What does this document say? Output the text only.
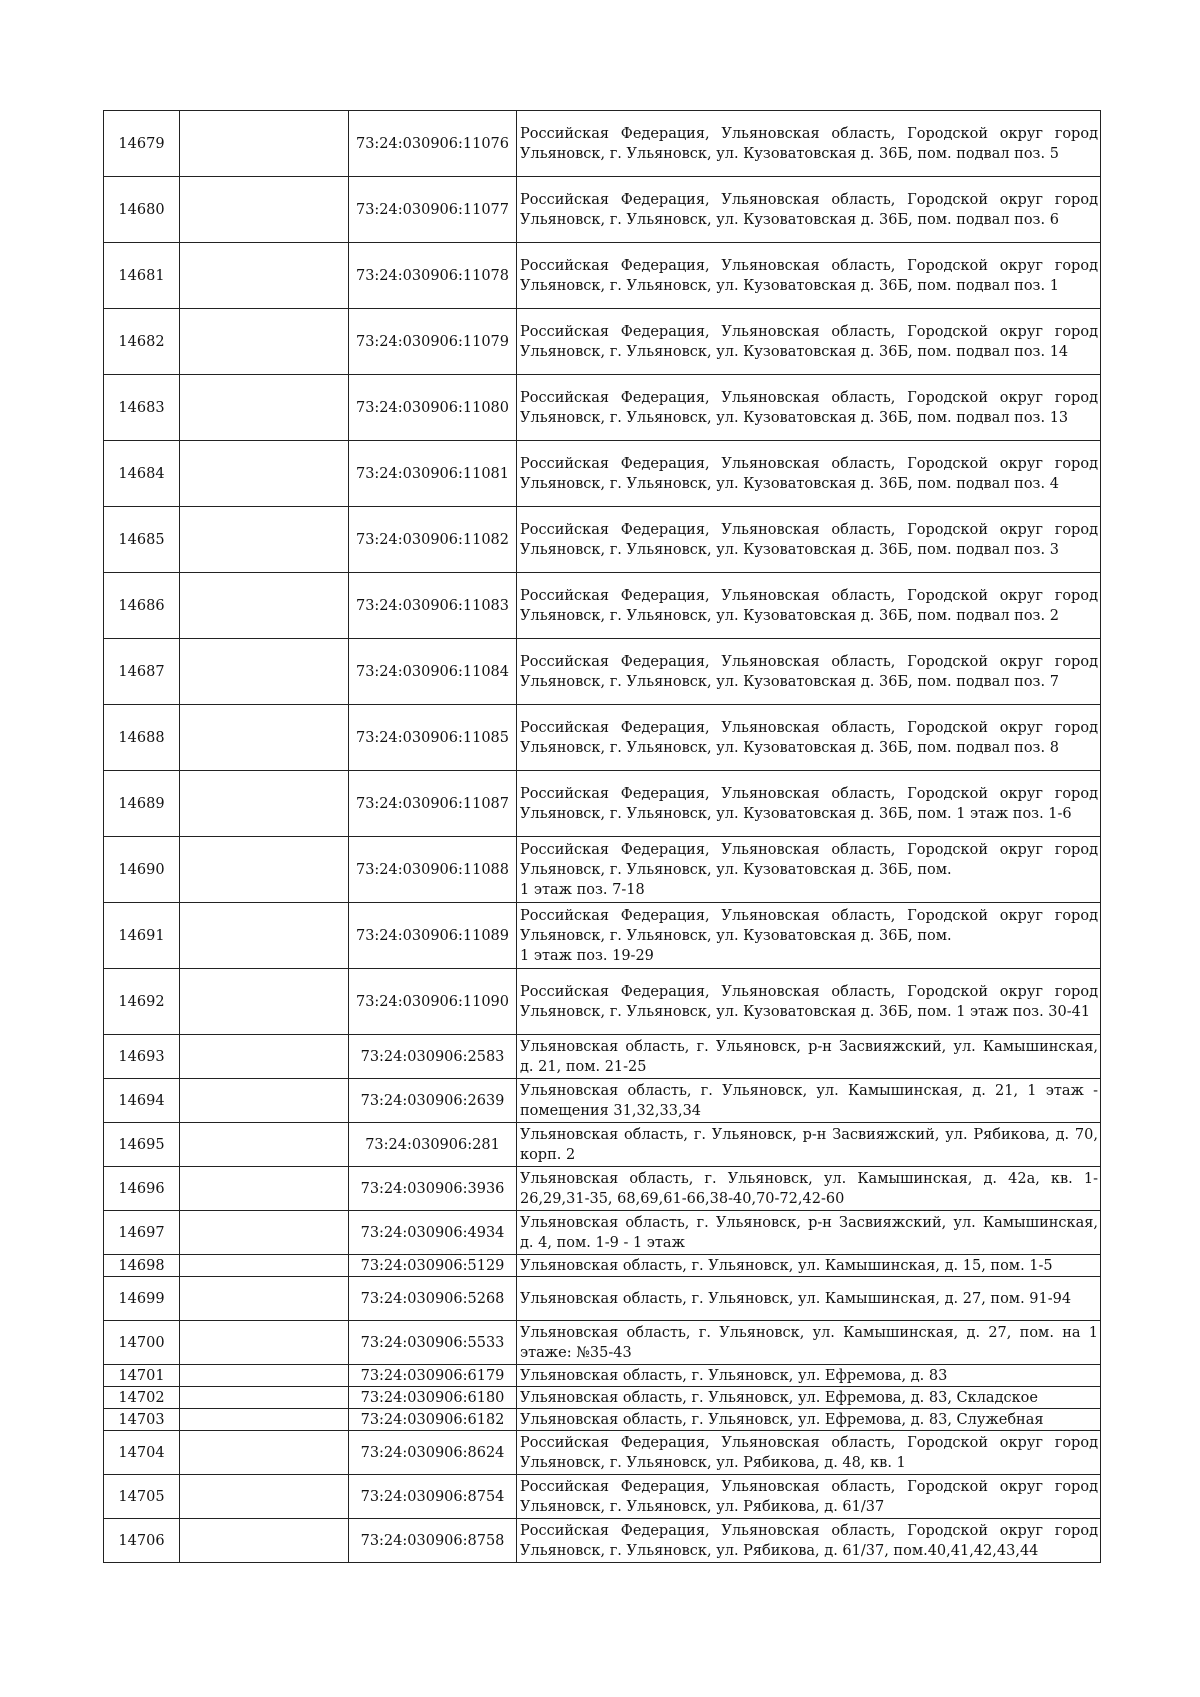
14679		73:24:030906:11076	Российская Федерация, Ульяновская область, Городской округ город Ульяновск, г. Ульяновск, ул. Кузоватовская д. 36Б, пом. подвал поз. 5
14680		73:24:030906:11077	Российская Федерация, Ульяновская область, Городской округ город Ульяновск, г. Ульяновск, ул. Кузоватовская д. 36Б, пом. подвал поз. 6
14681		73:24:030906:11078	Российская Федерация, Ульяновская область, Городской округ город Ульяновск, г. Ульяновск, ул. Кузоватовская д. 36Б, пом. подвал поз. 1
14682		73:24:030906:11079	Российская Федерация, Ульяновская область, Городской округ город Ульяновск, г. Ульяновск, ул. Кузоватовская д. 36Б, пом. подвал поз. 14
14683		73:24:030906:11080	Российская Федерация, Ульяновская область, Городской округ город Ульяновск, г. Ульяновск, ул. Кузоватовская д. 36Б, пом. подвал поз. 13
14684		73:24:030906:11081	Российская Федерация, Ульяновская область, Городской округ город Ульяновск, г. Ульяновск, ул. Кузоватовская д. 36Б, пом. подвал поз. 4
14685		73:24:030906:11082	Российская Федерация, Ульяновская область, Городской округ город Ульяновск, г. Ульяновск, ул. Кузоватовская д. 36Б, пом. подвал поз. 3
14686		73:24:030906:11083	Российская Федерация, Ульяновская область, Городской округ город Ульяновск, г. Ульяновск, ул. Кузоватовская д. 36Б, пом. подвал поз. 2
14687		73:24:030906:11084	Российская Федерация, Ульяновская область, Городской округ город Ульяновск, г. Ульяновск, ул. Кузоватовская д. 36Б, пом. подвал поз. 7
14688		73:24:030906:11085	Российская Федерация, Ульяновская область, Городской округ город Ульяновск, г. Ульяновск, ул. Кузоватовская д. 36Б, пом. подвал поз. 8
14689		73:24:030906:11087	Российская Федерация, Ульяновская область, Городской округ город Ульяновск, г. Ульяновск, ул. Кузоватовская д. 36Б, пом. 1 этаж поз. 1-6
14690		73:24:030906:11088	Российская Федерация, Ульяновская область, Городской округ город Ульяновск, г. Ульяновск, ул. Кузоватовская д. 36Б, пом.
1 этаж поз. 7-18
14691		73:24:030906:11089	Российская Федерация, Ульяновская область, Городской округ город Ульяновск, г. Ульяновск, ул. Кузоватовская д. 36Б, пом.
1 этаж поз. 19-29
14692		73:24:030906:11090	Российская Федерация, Ульяновская область, Городской округ город Ульяновск, г. Ульяновск, ул. Кузоватовская д. 36Б, пом. 1 этаж поз. 30-41
14693		73:24:030906:2583	Ульяновская область, г. Ульяновск, р-н Засвияжский, ул. Камышинская, д. 21, пом. 21-25
14694		73:24:030906:2639	Ульяновская область, г. Ульяновск, ул. Камышинская, д. 21, 1 этаж - помещения 31,32,33,34
14695		73:24:030906:281	Ульяновская область, г. Ульяновск, р-н Засвияжский, ул. Рябикова, д. 70, корп. 2
14696		73:24:030906:3936	Ульяновская область, г. Ульяновск, ул. Камышинская, д. 42а, кв. 1-26,29,31-35, 68,69,61-66,38-40,70-72,42-60
14697		73:24:030906:4934	Ульяновская область, г. Ульяновск, р-н Засвияжский, ул. Камышинская, д. 4, пом. 1-9 - 1 этаж
14698		73:24:030906:5129	Ульяновская область, г. Ульяновск, ул. Камышинская, д. 15, пом. 1-5
14699		73:24:030906:5268	Ульяновская область, г. Ульяновск, ул. Камышинская, д. 27, пом. 91-94
14700		73:24:030906:5533	Ульяновская область, г. Ульяновск, ул. Камышинская, д. 27, пом. на 1 этаже: №35-43
14701		73:24:030906:6179	Ульяновская область, г. Ульяновск, ул. Ефремова, д. 83
14702		73:24:030906:6180	Ульяновская область, г. Ульяновск, ул. Ефремова, д. 83, Складское
14703		73:24:030906:6182	Ульяновская область, г. Ульяновск, ул. Ефремова, д. 83, Служебная
14704		73:24:030906:8624	Российская Федерация, Ульяновская область, Городской округ город Ульяновск, г. Ульяновск, ул. Рябикова, д. 48, кв. 1
14705		73:24:030906:8754	Российская Федерация, Ульяновская область, Городской округ город Ульяновск, г. Ульяновск, ул. Рябикова, д. 61/37
14706		73:24:030906:8758	Российская Федерация, Ульяновская область, Городской округ город Ульяновск, г. Ульяновск, ул. Рябикова, д. 61/37, пом.40,41,42,43,44
